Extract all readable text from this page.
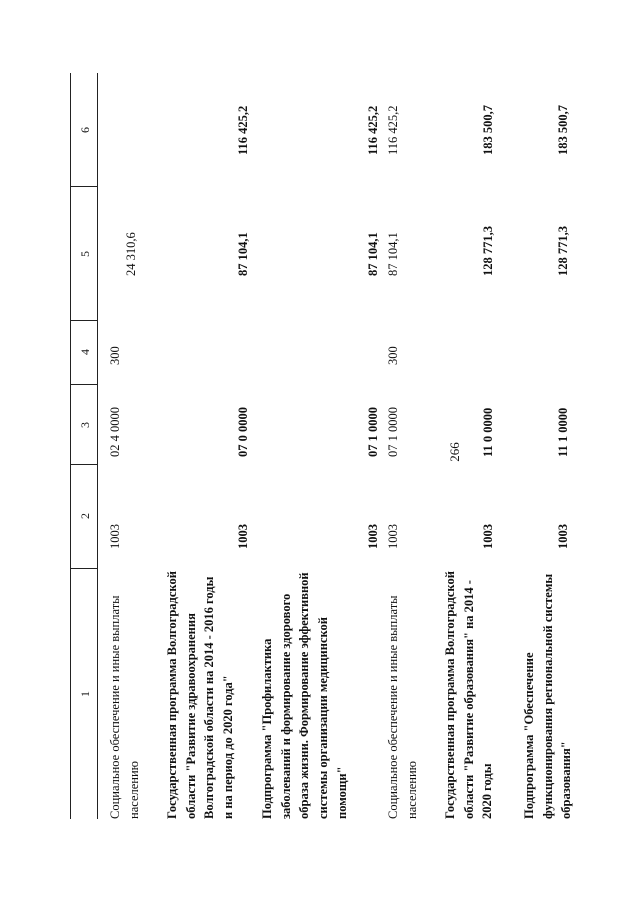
266
1
2
3
4
5
6
Социальное обеспечение и иные выплаты населению
1003
02 4 0000
300
24 310,6
Государственная программа Волгоградской области "Развитие здравоохранения Волгоградской области на 2014 - 2016 годы и на период до 2020 года"
1003
07 0 0000
87 104,1
116 425,2
Подпрограмма "Профилактика заболеваний и формирование здорового образа жизни. Формирование эффективной системы организации медицинской помощи"
1003
07 1 0000
87 104,1
116 425,2
Социальное обеспечение и иные выплаты населению
1003
07 1 0000
300
87 104,1
116 425,2
Государственная программа Волгоградской области "Развитие образования" на 2014 - 2020 годы
1003
11 0 0000
128 771,3
183 500,7
Подпрограмма "Обеспечение функционирования региональной системы образования"
1003
11 1 0000
128 771,3
183 500,7
